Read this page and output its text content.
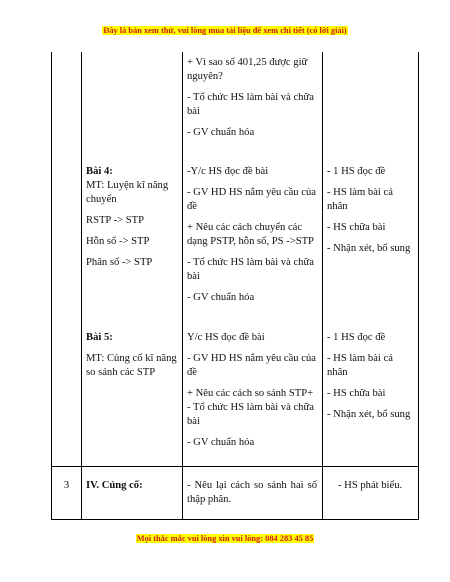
Đây là bản xem thử, vui lòng mua tài liệu để xem chi tiết (có lời giải)

+ Vì sao số 401,25 được giữ nguyên?

- Tổ chức HS làm bài và chữa bài

- GV chuẩn hóa

Bài 4:

MT: Luyện kĩ năng chuyển

RSTP -> STP

Hỗn số -> STP

Phân số -> STP

-Y/c HS đọc đề bài

- GV HD HS nắm yêu cầu của đề

+ Nêu các cách chuyển các dạng PSTP, hỗn số, PS ->STP

- Tổ chức HS làm bài và chữa bài

- GV chuẩn hóa

- 1 HS đọc đề

- HS làm bài cá nhân

- HS chữa bài

- Nhận xét, bổ sung

Bài 5:

MT: Củng cố kĩ năng so sánh các STP

Y/c HS đọc đề bài

- GV HD HS nắm yêu cầu của đề

+ Nêu các cách so sánh STP+ - Tổ chức HS làm bài và chữa bài

- GV chuẩn hóa

- 1 HS đọc đề

- HS làm bài cá nhân

- HS chữa bài

- Nhận xét, bổ sung

3	IV. Củng cố:	- Nêu lại cách so sánh hai số thập phân.
- HS phát biểu.
Mọi thắc mắc vui lòng xin vui lòng: 084 283 45 85
